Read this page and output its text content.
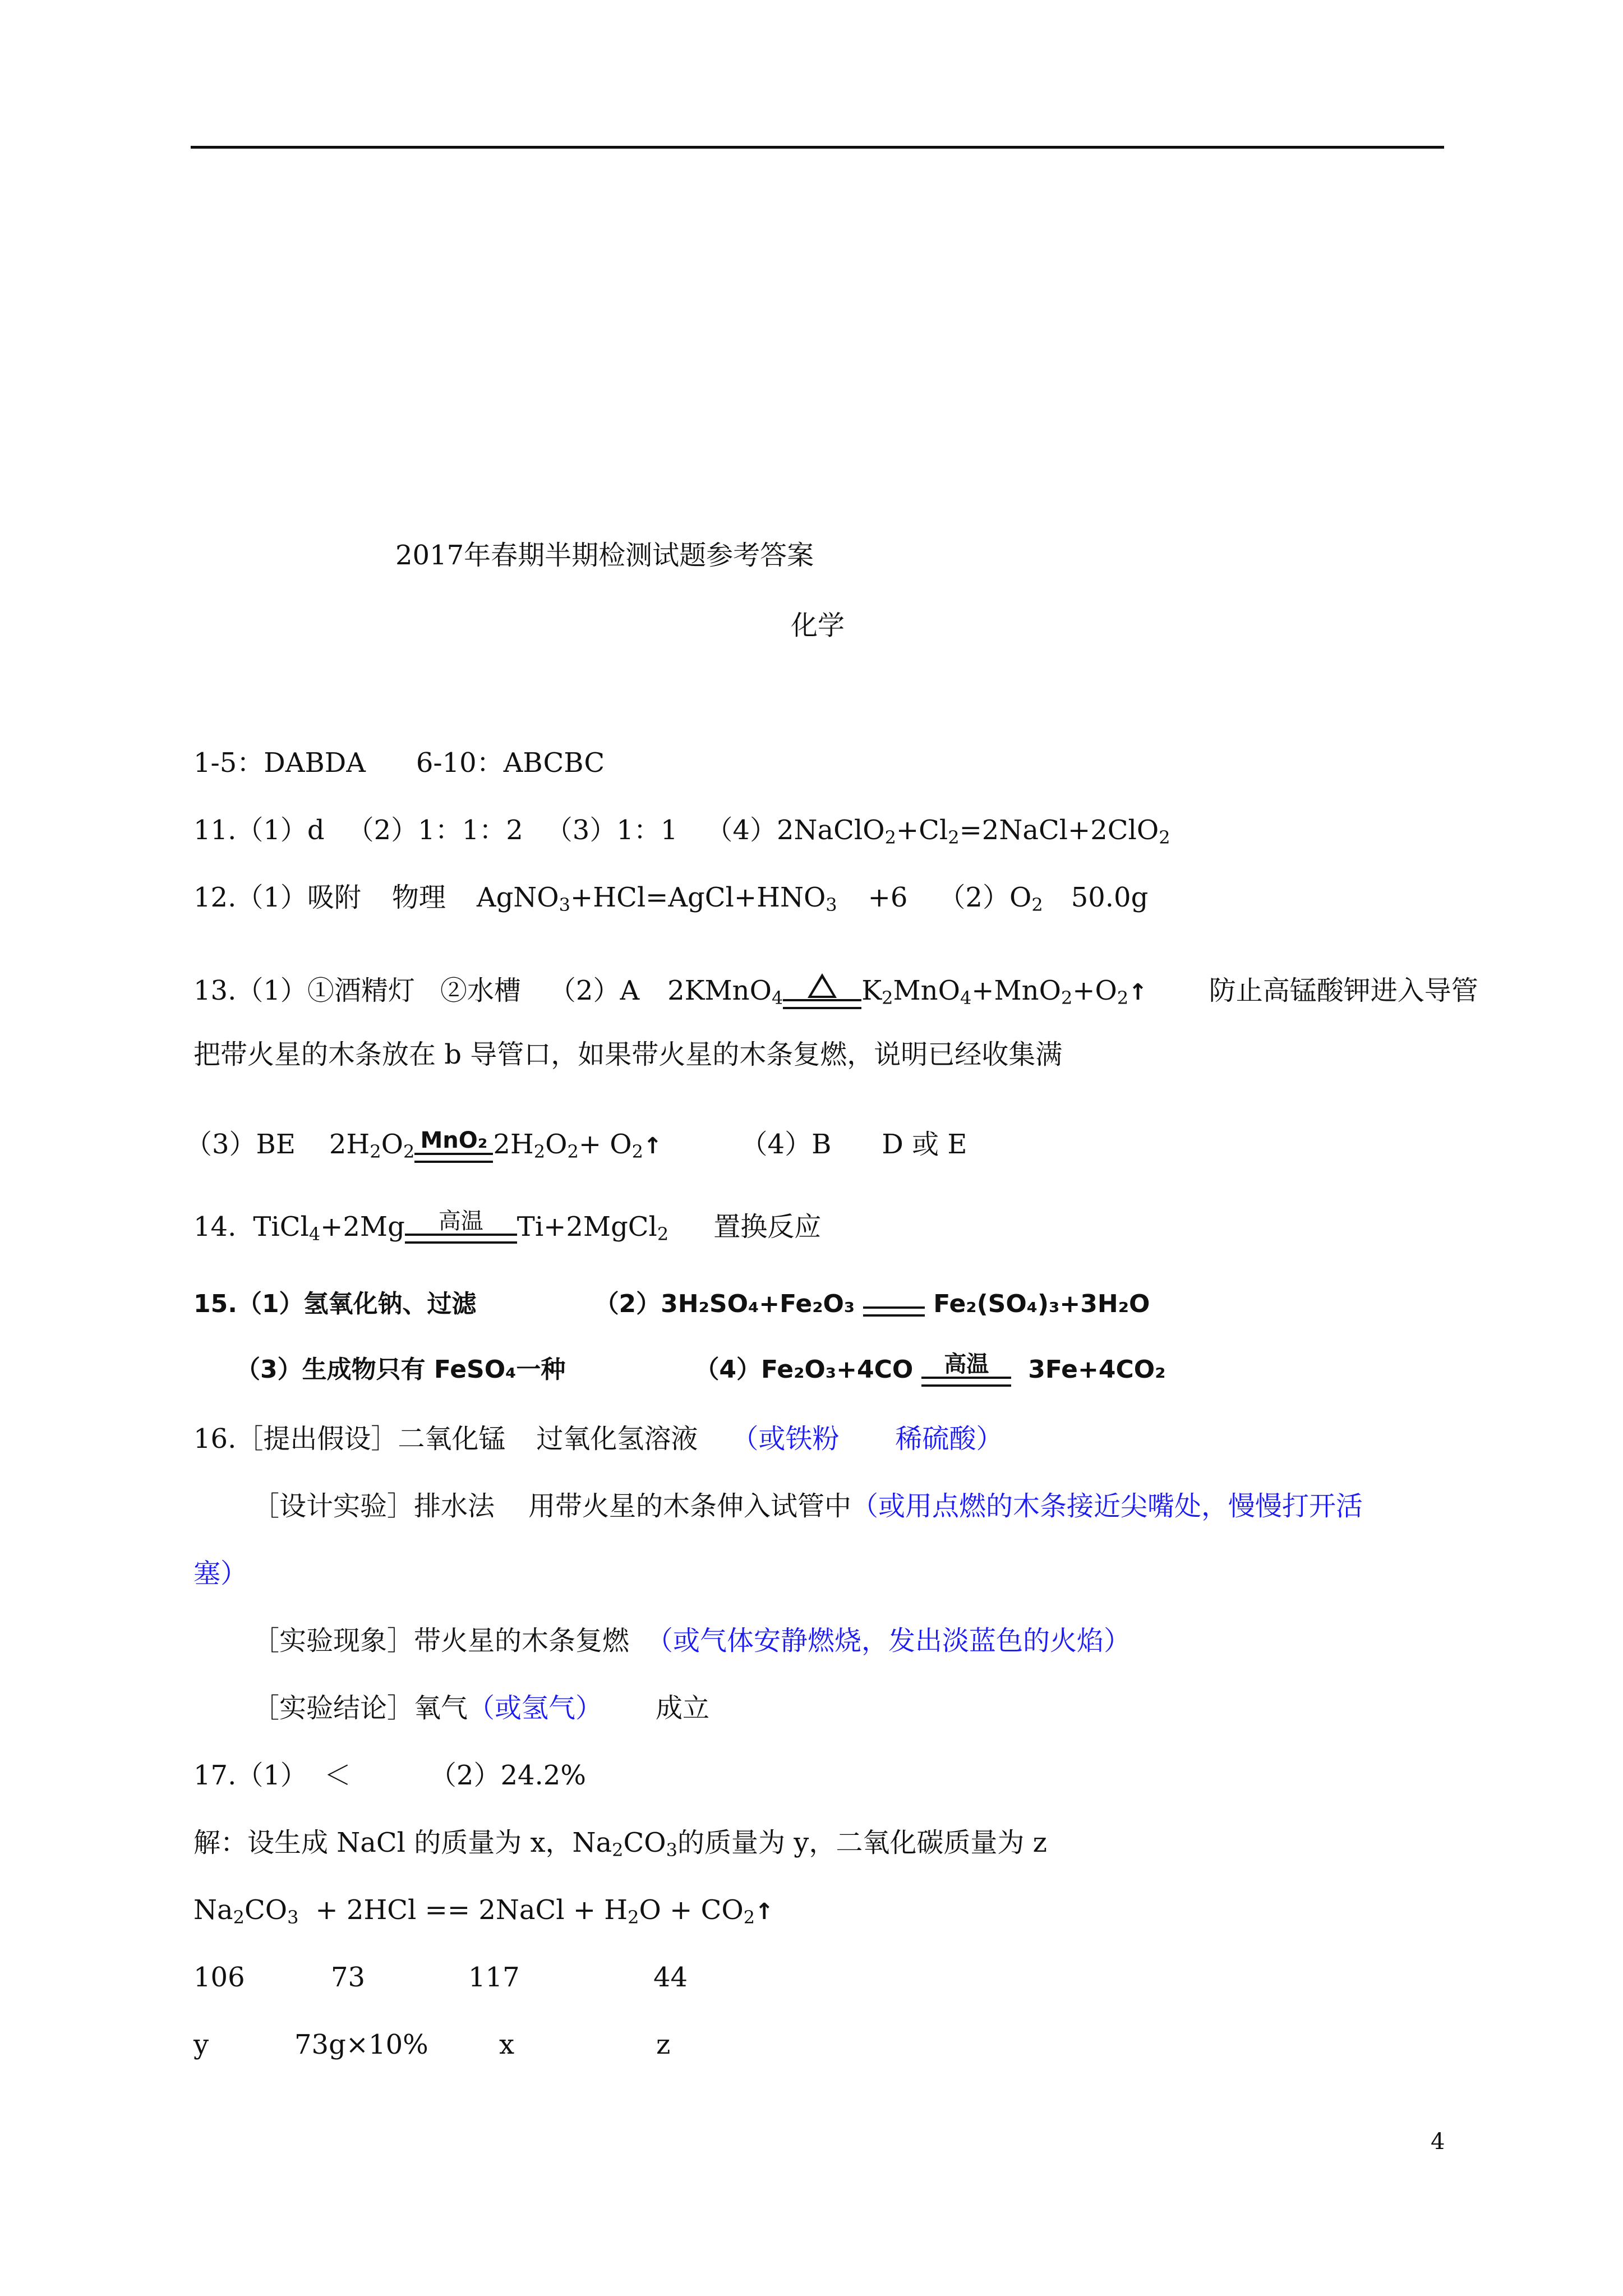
2017年春期半期检测试题参考答案
化学
1-5：DABDA 6-10：ABCBC
11.（1）d （2）1：1：2 （3）1：1 $(4)2NaClO_2+Cl_2=2NaCl+2ClO_2$
12.（1）吸附 物理 $AgNO_3+HCl=AgCl+HNO_3 +6$ $(2)O_2$ 50.0g
13.（1）①酒精灯 ②水槽 （2）A 2KMnO$_4$	$K_2MnO_4+MnO_2+O_2↑$ 防止高锰酸钾进入导管
把带火星的木条放在 b 导管口，如果带火星的木条复燃，说明已经收集满
（3）BE $2H_2O_2$ MnO₂ $2H_2O_2+$ $O_2↑$	（4）B D 或 E
14. TiCl$_4$+2Mg	高温	Ti+2MgCl$_2$ 置换反应
15.（1）氢氧化钠、过滤	（2）3H₂SO₄+Fe₂O₃	Fe₂(SO₄)₃+3H₂O
（3）生成物只有 FeSO₄一种	（4）Fe₂O₃+4CO	高温	3Fe+4CO₂
16.［提出假设］二氧化锰 过氧化氢溶液 （或铁粉 稀硫酸）
［设计实验］排水法 用带火星的木条伸入试管中（或用点燃的木条接近尖嘴处，慢慢打开活
塞）
［实验现象］带火星的木条复燃 （或气体安静燃烧，发出淡蓝色的火焰）
［实验结论］氧气（或氢气） 成立
17.（1） ＜	（2）24.2%
解：设生成 NaCl 的质量为 x，$Na_2CO_3$的质量为 y，二氧化碳质量为 z
$Na_2CO_3 + 2HCl$ == 2NaCl + $H_2O$ + $CO_2↑$
106	73	117	44
y	73g×10%	x	z
4
